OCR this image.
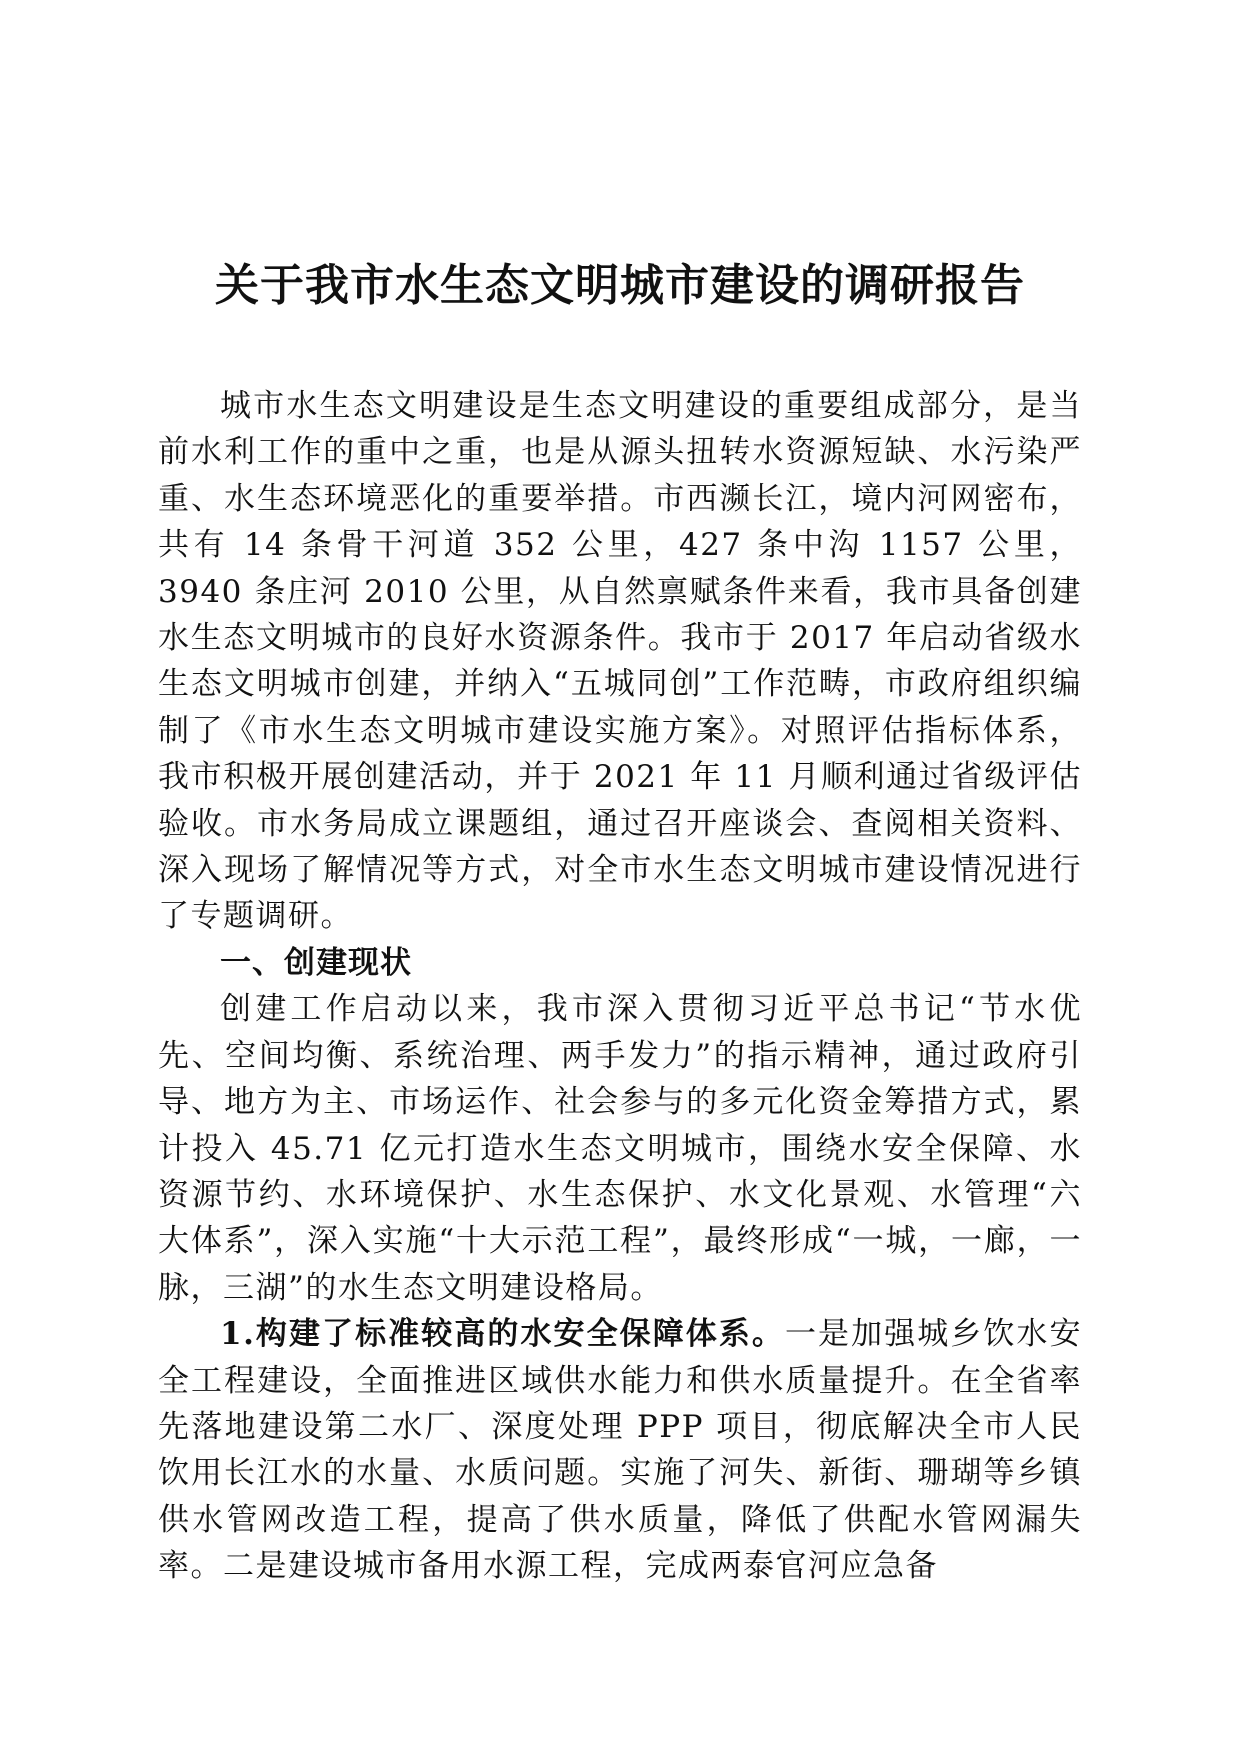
关于我市水生态文明城市建设的调研报告

城市水生态文明建设是生态文明建设的重要组成部分，是当前水利工作的重中之重，也是从源头扭转水资源短缺、水污染严重、水生态环境恶化的重要举措。市西濒长江，境内河网密布，共有 14 条骨干河道 352 公里，427 条中沟 1157 公里，3940 条庄河 2010 公里，从自然禀赋条件来看，我市具备创建水生态文明城市的良好水资源条件。我市于 2017 年启动省级水生态文明城市创建，并纳入“五城同创”工作范畴，市政府组织编制了《市水生态文明城市建设实施方案》。对照评估指标体系，我市积极开展创建活动，并于 2021 年 11 月顺利通过省级评估验收。市水务局成立课题组，通过召开座谈会、查阅相关资料、深入现场了解情况等方式，对全市水生态文明城市建设情况进行了专题调研。

一、创建现状

创建工作启动以来，我市深入贯彻习近平总书记“节水优先、空间均衡、系统治理、两手发力”的指示精神，通过政府引导、地方为主、市场运作、社会参与的多元化资金筹措方式，累计投入 45.71 亿元打造水生态文明城市，围绕水安全保障、水资源节约、水环境保护、水生态保护、水文化景观、水管理“六大体系”，深入实施“十大示范工程”，最终形成“一城，一廊，一脉，三湖”的水生态文明建设格局。

1.构建了标准较高的水安全保障体系。一是加强城乡饮水安全工程建设，全面推进区域供水能力和供水质量提升。在全省率先落地建设第二水厂、深度处理 PPP 项目，彻底解决全市人民饮用长江水的水量、水质问题。实施了河失、新街、珊瑚等乡镇供水管网改造工程，提高了供水质量，降低了供配水管网漏失率。二是建设城市备用水源工程，完成两泰官河应急备
